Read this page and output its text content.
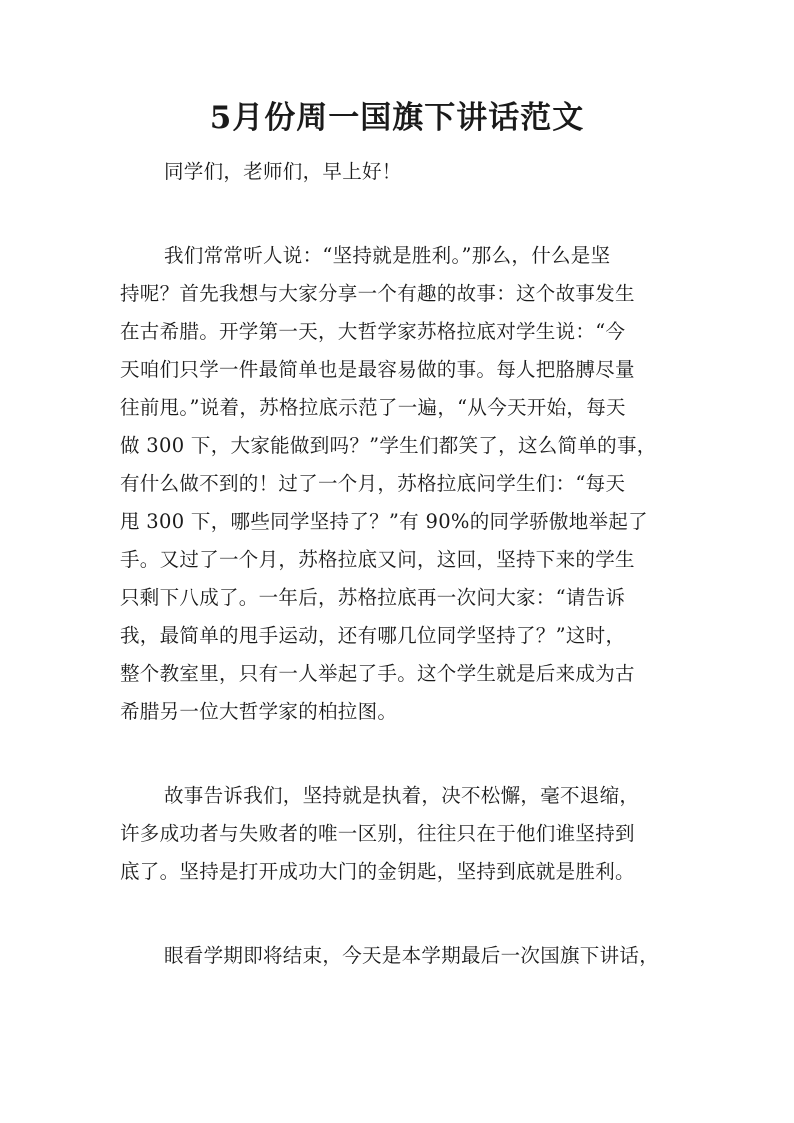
5月份周一国旗下讲话范文

同学们，老师们，早上好！

我们常常听人说：“坚持就是胜利。”那么，什么是坚

持呢？首先我想与大家分享一个有趣的故事：这个故事发生

在古希腊。开学第一天，大哲学家苏格拉底对学生说：“今

天咱们只学一件最简单也是最容易做的事。每人把胳膊尽量

往前甩。”说着，苏格拉底示范了一遍，“从今天开始，每天

做 300 下，大家能做到吗？”学生们都笑了，这么简单的事，

有什么做不到的！过了一个月，苏格拉底问学生们：“每天

甩 300 下，哪些同学坚持了？”有 90%的同学骄傲地举起了

手。又过了一个月，苏格拉底又问，这回，坚持下来的学生

只剩下八成了。一年后，苏格拉底再一次问大家：“请告诉

我，最简单的甩手运动，还有哪几位同学坚持了？”这时，

整个教室里，只有一人举起了手。这个学生就是后来成为古

希腊另一位大哲学家的柏拉图。

故事告诉我们，坚持就是执着，决不松懈，毫不退缩，

许多成功者与失败者的唯一区别，往往只在于他们谁坚持到

底了。坚持是打开成功大门的金钥匙，坚持到底就是胜利。

眼看学期即将结束，今天是本学期最后一次国旗下讲话，
